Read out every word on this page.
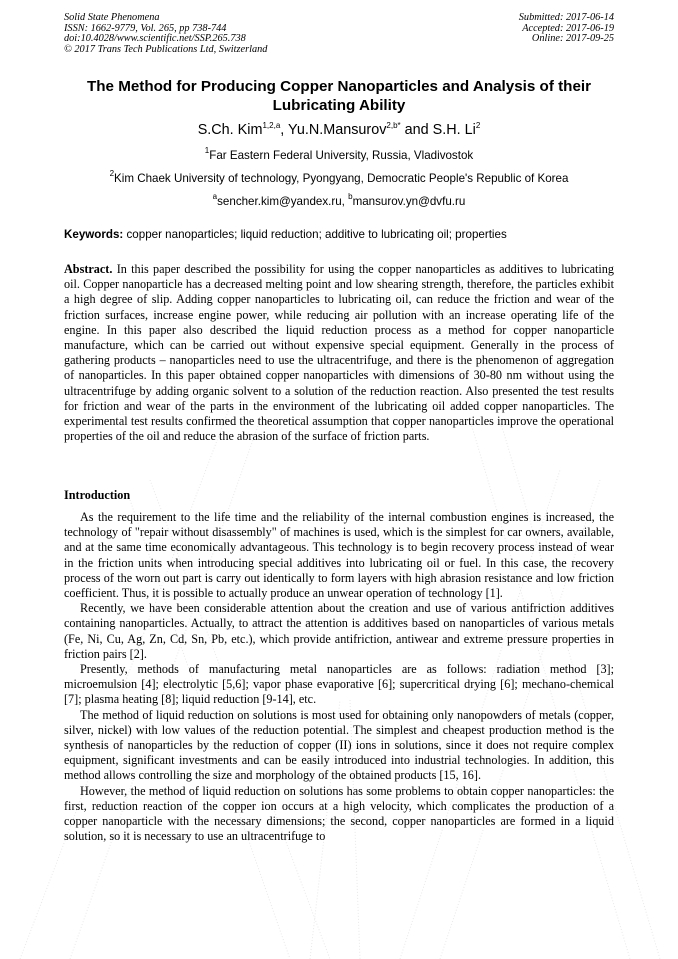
Solid State Phenomena
ISSN: 1662-9779, Vol. 265, pp 738-744
doi:10.4028/www.scientific.net/SSP.265.738
© 2017 Trans Tech Publications Ltd, Switzerland
Submitted: 2017-06-14
Accepted: 2017-06-19
Online: 2017-09-25
The Method for Producing Copper Nanoparticles and Analysis of their Lubricating Ability
S.Ch. Kim$^{1,2,a}$, Yu.N.Mansurov$^{2,b*}$ and S.H. Li$^2$
$^1$Far Eastern Federal University, Russia, Vladivostok
$^2$Kim Chaek University of technology, Pyongyang, Democratic People's Republic of Korea
$^a$sencher.kim@yandex.ru, $^b$mansurov.yn@dvfu.ru
Keywords: copper nanoparticles; liquid reduction; additive to lubricating oil; properties
Abstract. In this paper described the possibility for using the copper nanoparticles as additives to lubricating oil. Copper nanoparticle has a decreased melting point and low shearing strength, therefore, the particles exhibit a high degree of slip. Adding copper nanoparticles to lubricating oil, can reduce the friction and wear of the friction surfaces, increase engine power, while reducing air pollution with an increase operating life of the engine. In this paper also described the liquid reduction process as a method for copper nanoparticle manufacture, which can be carried out without expensive special equipment. Generally in the process of gathering products – nanoparticles need to use the ultracentrifuge, and there is the phenomenon of aggregation of nanoparticles. In this paper obtained copper nanoparticles with dimensions of 30-80 nm without using the ultracentrifuge by adding organic solvent to a solution of the reduction reaction. Also presented the test results for friction and wear of the parts in the environment of the lubricating oil added copper nanoparticles. The experimental test results confirmed the theoretical assumption that copper nanoparticles improve the operational properties of the oil and reduce the abrasion of the surface of friction parts.
Introduction

As the requirement to the life time and the reliability of the internal combustion engines is increased, the technology of "repair without disassembly" of machines is used, which is the simplest for car owners, available, and at the same time economically advantageous. This technology is to begin recovery process instead of wear in the friction units when introducing special additives into lubricating oil or fuel. In this case, the recovery process of the worn out part is carry out identically to form layers with high abrasion resistance and low friction coefficient. Thus, it is possible to actually produce an unwear operation of technology [1].

Recently, we have been considerable attention about the creation and use of various antifriction additives containing nanoparticles. Actually, to attract the attention is additives based on nanoparticles of various metals (Fe, Ni, Cu, Ag, Zn, Cd, Sn, Pb, etc.), which provide antifriction, antiwear and extreme pressure properties in friction pairs [2].

Presently, methods of manufacturing metal nanoparticles are as follows: radiation method [3]; microemulsion [4]; electrolytic [5,6]; vapor phase evaporative [6]; supercritical drying [6]; mechano-chemical [7]; plasma heating [8]; liquid reduction [9-14], etc.

The method of liquid reduction on solutions is most used for obtaining only nanopowders of metals (copper, silver, nickel) with low values of the reduction potential. The simplest and cheapest production method is the synthesis of nanoparticles by the reduction of copper (II) ions in solutions, since it does not require complex equipment, significant investments and can be easily introduced into industrial technologies. In addition, this method allows controlling the size and morphology of the obtained products [15, 16].

However, the method of liquid reduction on solutions has some problems to obtain copper nanoparticles: the first, reduction reaction of the copper ion occurs at a high velocity, which complicates the production of a copper nanoparticle with the necessary dimensions; the second, copper nanoparticles are formed in a liquid solution, so it is necessary to use an ultracentrifuge to
